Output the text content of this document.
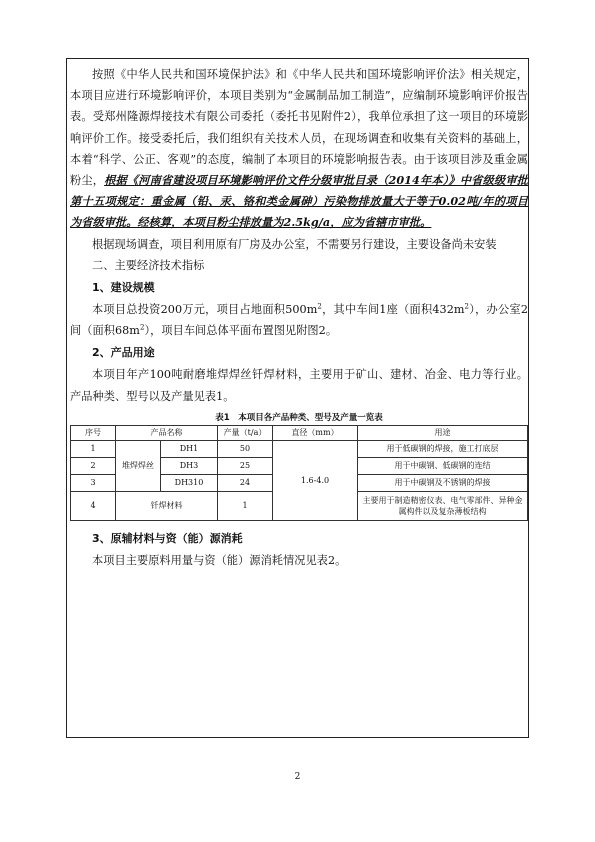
按照《中华人民共和国环境保护法》和《中华人民共和国环境影响评价法》相关规定，本项目应进行环境影响评价，本项目类别为“金属制品加工制造”，应编制环境影响评价报告表。受郑州隆源焊接技术有限公司委托（委托书见附件2），我单位承担了这一项目的环境影响评价工作。接受委托后，我们组织有关技术人员，在现场调查和收集有关资料的基础上，本着“科学、公正、客观”的态度，编制了本项目的环境影响报告表。由于该项目涉及重金属粉尘，根据《河南省建设项目环境影响评价文件分级审批目录（2014年本）》中省级级审批第十五项规定：重金属（铅、汞、铬和类金属砷）污染物排放量大于等于0.02吨/年的项目为省级审批。经核算，本项目粉尘排放量为2.5kg/a，应为省辖市审批。

根据现场调查，项目利用原有厂房及办公室，不需要另行建设，主要设备尚未安装

二、主要经济技术指标

1、建设规模

本项目总投资200万元，项目占地面积$500m^2$，其中车间1座（面积$432m^2$），办公室2间（面积$68m^2$），项目车间总体平面布置图见附图2。

2、产品用途

本项目年产100吨耐磨堆焊焊丝钎焊材料，主要用于矿山、建材、冶金、电力等行业。产品种类、型号以及产量见表1。

表1　本项目各产品种类、型号及产量一览表
序号	产品名称		产量（t/a）	直径（mm）	用途
1	堆焊焊丝	DH1	50	1.6-4.0	用于低碳钢的焊接，施工打底层
2		DH3	25		用于中碳钢、低碳钢的连结
3		DH310	24		用于中碳钢及不锈钢的焊接
4	钎焊材料		1		主要用于制造精密仪表、电气零部件、异种金属构件以及复杂薄板结构

3、原辅材料与资（能）源消耗

本项目主要原料用量与资（能）源消耗情况见表2。

2
